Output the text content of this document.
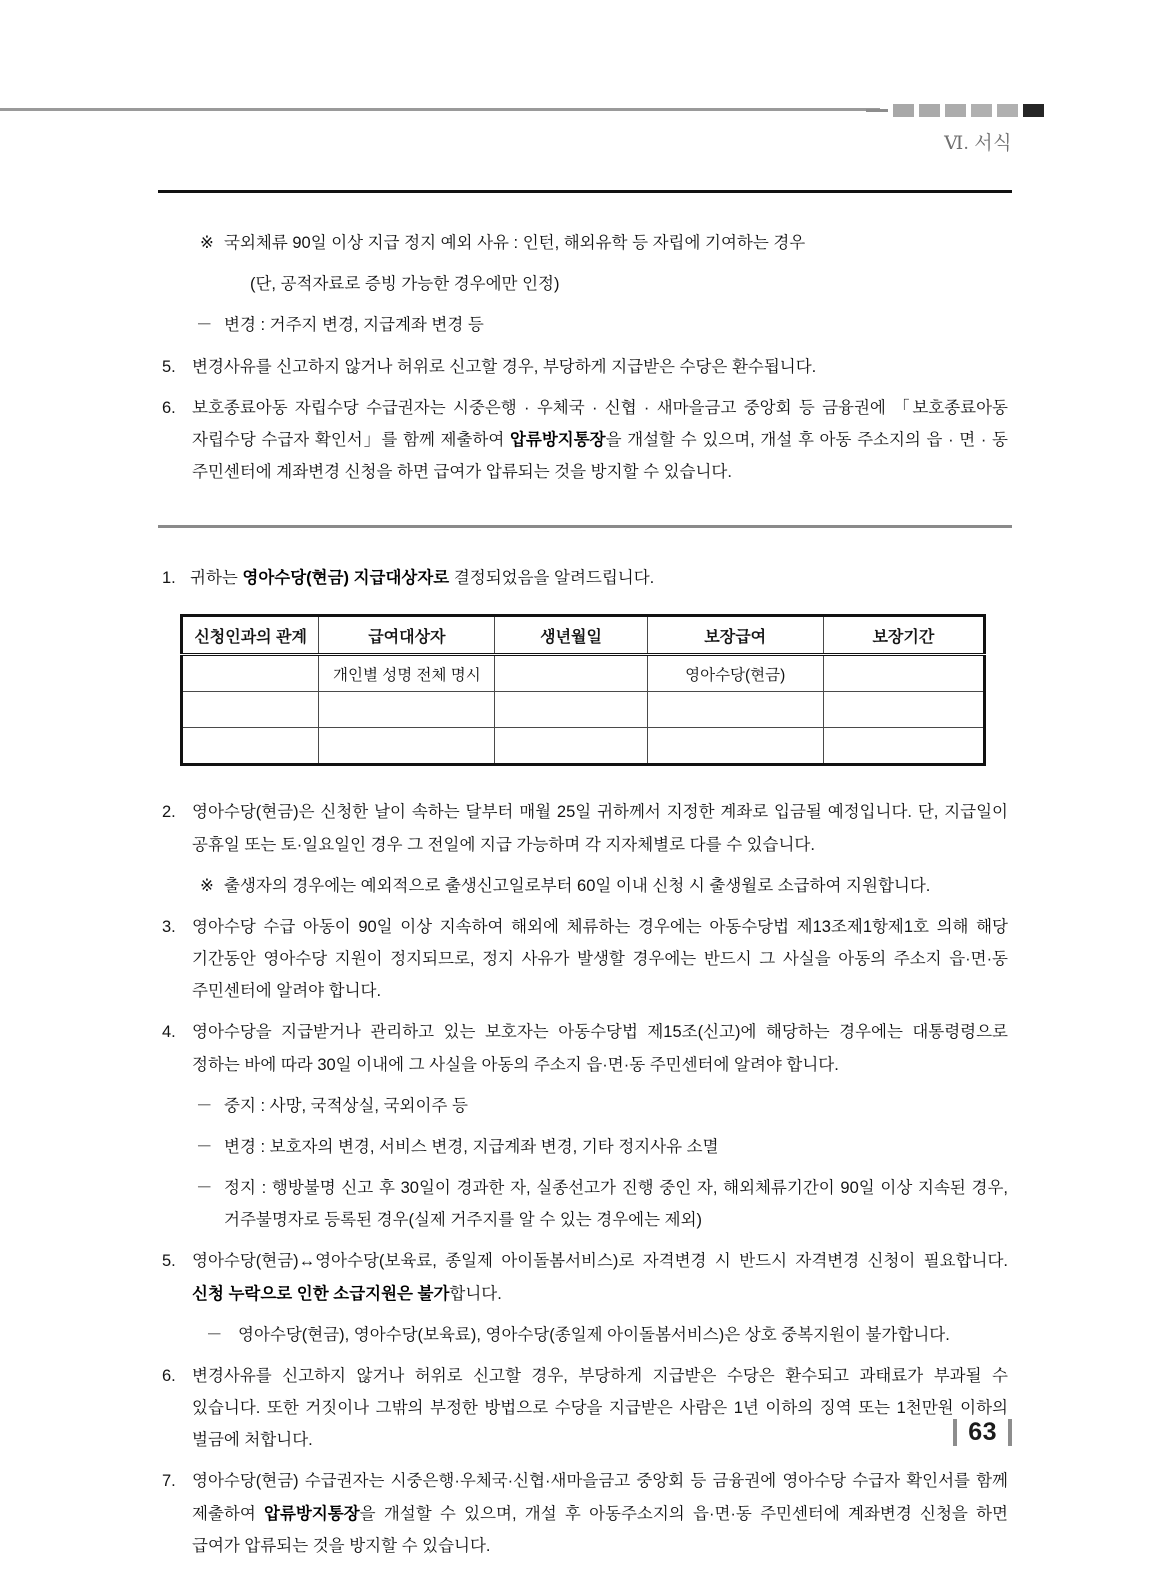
Ⅵ. 서식

※ 국외체류 90일 이상 지급 정지 예외 사유 : 인턴, 해외유학 등 자립에 기여하는 경우

(단, 공적자료로 증빙 가능한 경우에만 인정)

－ 변경 : 거주지 변경, 지급계좌 변경 등

5. 변경사유를 신고하지 않거나 허위로 신고할 경우, 부당하게 지급받은 수당은 환수됩니다.

6. 보호종료아동 자립수당 수급권자는 시중은행 · 우체국 · 신협 · 새마을금고 중앙회 등 금융권에 「보호종료아동 자립수당 수급자 확인서」를 함께 제출하여 압류방지통장을 개설할 수 있으며, 개설 후 아동 주소지의 읍 · 면 · 동 주민센터에 계좌변경 신청을 하면 급여가 압류되는 것을 방지할 수 있습니다.

1. 귀하는 영아수당(현금) 지급대상자로 결정되었음을 알려드립니다.

신청인과의 관계	급여대상자	생년월일	보장급여	보장기간
	개인별 성명 전체 명시		영아수당(현금)	

2. 영아수당(현금)은 신청한 날이 속하는 달부터 매월 25일 귀하께서 지정한 계좌로 입금될 예정입니다. 단, 지급일이 공휴일 또는 토·일요일인 경우 그 전일에 지급 가능하며 각 지자체별로 다를 수 있습니다.

※ 출생자의 경우에는 예외적으로 출생신고일로부터 60일 이내 신청 시 출생월로 소급하여 지원합니다.

3. 영아수당 수급 아동이 90일 이상 지속하여 해외에 체류하는 경우에는 아동수당법 제13조제1항제1호 의해 해당 기간동안 영아수당 지원이 정지되므로, 정지 사유가 발생할 경우에는 반드시 그 사실을 아동의 주소지 읍·면·동 주민센터에 알려야 합니다.

4. 영아수당을 지급받거나 관리하고 있는 보호자는 아동수당법 제15조(신고)에 해당하는 경우에는 대통령령으로 정하는 바에 따라 30일 이내에 그 사실을 아동의 주소지 읍·면·동 주민센터에 알려야 합니다.

－ 중지 : 사망, 국적상실, 국외이주 등

－ 변경 : 보호자의 변경, 서비스 변경, 지급계좌 변경, 기타 정지사유 소멸

－ 정지 : 행방불명 신고 후 30일이 경과한 자, 실종선고가 진행 중인 자, 해외체류기간이 90일 이상 지속된 경우, 거주불명자로 등록된 경우(실제 거주지를 알 수 있는 경우에는 제외)

5. 영아수당(현금)↔영아수당(보육료, 종일제 아이돌봄서비스)로 자격변경 시 반드시 자격변경 신청이 필요합니다. 신청 누락으로 인한 소급지원은 불가합니다.

－ 영아수당(현금), 영아수당(보육료), 영아수당(종일제 아이돌봄서비스)은 상호 중복지원이 불가합니다.

6. 변경사유를 신고하지 않거나 허위로 신고할 경우, 부당하게 지급받은 수당은 환수되고 과태료가 부과될 수 있습니다. 또한 거짓이나 그밖의 부정한 방법으로 수당을 지급받은 사람은 1년 이하의 징역 또는 1천만원 이하의 벌금에 처합니다.

7. 영아수당(현금) 수급권자는 시중은행·우체국·신협·새마을금고 중앙회 등 금융권에 영아수당 수급자 확인서를 함께 제출하여 압류방지통장을 개설할 수 있으며, 개설 후 아동주소지의 읍·면·동 주민센터에 계좌변경 신청을 하면 급여가 압류되는 것을 방지할 수 있습니다.

63
